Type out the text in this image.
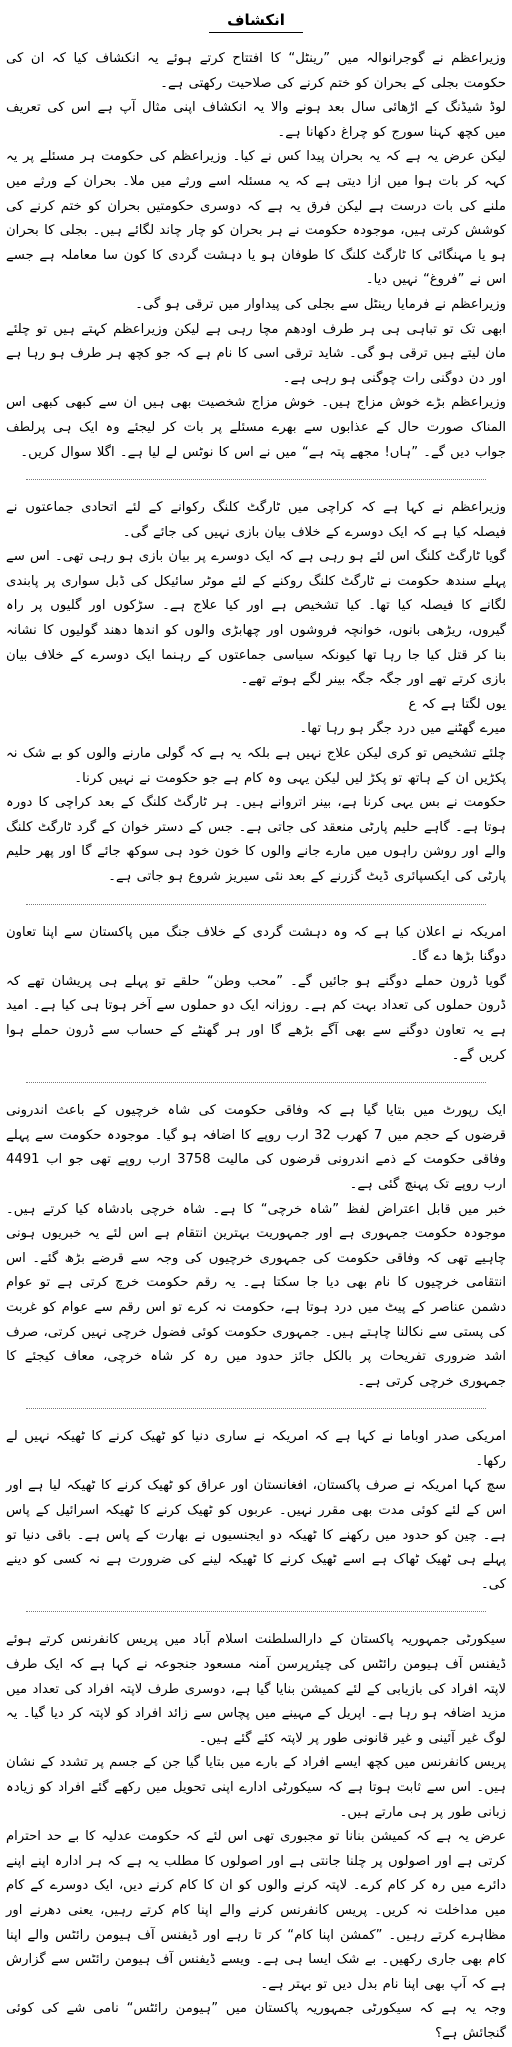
انکشاف

وزیراعظم نے گوجرانوالہ میں ”رینٹل“ کا افتتاح کرتے ہوئے یہ انکشاف کیا کہ ان کی حکومت بجلی کے بحران کو ختم کرنے کی صلاحیت رکھتی ہے۔

لوڈ شیڈنگ کے اڑھائی سال بعد ہونے والا یہ انکشاف اپنی مثال آپ ہے اس کی تعریف میں کچھ کہنا سورج کو چراغ دکھانا ہے۔

لیکن عرض یہ ہے کہ یہ بحران پیدا کس نے کیا۔ وزیراعظم کی حکومت ہر مسئلے پر یہ کہہ کر بات ہوا میں ازا دیتی ہے کہ یہ مسئلہ اسے ورثے میں ملا۔ بحران کے ورثے میں ملنے کی بات درست ہے لیکن فرق یہ ہے کہ دوسری حکومتیں بحران کو ختم کرنے کی کوشش کرتی ہیں، موجودہ حکومت نے ہر بحران کو چار چاند لگائے ہیں۔ بجلی کا بحران ہو یا مہنگائی کا ٹارگٹ کلنگ کا طوفان ہو یا دہشت گردی کا کون سا معاملہ ہے جسے اس نے ”فروغ“ نہیں دیا۔

وزیراعظم نے فرمایا رینٹل سے بجلی کی پیداوار میں ترقی ہو گی۔

ابھی تک تو تباہی ہی ہر طرف اودھم مچا رہی ہے لیکن وزیراعظم کہتے ہیں تو چلئے مان لیتے ہیں ترقی ہو گی۔ شاید ترقی اسی کا نام ہے کہ جو کچھ ہر طرف ہو رہا ہے اور دن دوگنی رات چوگنی ہو رہی ہے۔

وزیراعظم بڑے خوش مزاج ہیں۔ خوش مزاج شخصیت بھی ہیں ان سے کبھی کبھی اس المناک صورت حال کے عذابوں سے بھرے مسئلے پر بات کر لیجئے وہ ایک ہی پرلطف جواب دیں گے۔ ”ہاں! مجھے پتہ ہے“ میں نے اس کا نوٹس لے لیا ہے۔ اگلا سوال کریں۔

وزیراعظم نے کہا ہے کہ کراچی میں ٹارگٹ کلنگ رکوانے کے لئے اتحادی جماعتوں نے فیصلہ کیا ہے کہ ایک دوسرے کے خلاف بیان بازی نہیں کی جائے گی۔

گویا ٹارگٹ کلنگ اس لئے ہو رہی ہے کہ ایک دوسرے پر بیان بازی ہو رہی تھی۔ اس سے پہلے سندھ حکومت نے ٹارگٹ کلنگ روکنے کے لئے موٹر سائیکل کی ڈبل سواری پر پابندی لگانے کا فیصلہ کیا تھا۔ کیا تشخیص ہے اور کیا علاج ہے۔ سڑکوں اور گلیوں پر راہ گیروں، ریڑھی بانوں، خوانچہ فروشوں اور چھابڑی والوں کو اندھا دھند گولیوں کا نشانہ بنا کر قتل کیا جا رہا تھا کیونکہ سیاسی جماعتوں کے رہنما ایک دوسرے کے خلاف بیان بازی کرتے تھے اور جگہ جگہ بینر لگے ہوتے تھے۔

یوں لگتا ہے کہ ع

میرے گھٹنے میں درد جگر ہو رہا تھا۔

چلئے تشخیص تو کری لیکن علاج نہیں ہے بلکہ یہ ہے کہ گولی مارنے والوں کو بے شک نہ پکڑیں ان کے ہاتھ تو پکڑ لیں لیکن یہی وہ کام ہے جو حکومت نے نہیں کرنا۔

حکومت نے بس یہی کرنا ہے، بینر اتروانے ہیں۔ ہر ٹارگٹ کلنگ کے بعد کراچی کا دورہ ہوتا ہے۔ گاہے حلیم پارٹی منعقد کی جاتی ہے۔ جس کے دستر خوان کے گرد ٹارگٹ کلنگ والے اور روشن راہوں میں مارے جانے والوں کا خون خود ہی سوکھ جائے گا اور پھر حلیم پارٹی کی ایکسپائری ڈیٹ گزرنے کے بعد نئی سیریز شروع ہو جاتی ہے۔

امریکہ نے اعلان کیا ہے کہ وہ دہشت گردی کے خلاف جنگ میں پاکستان سے اپنا تعاون دوگنا بڑھا دے گا۔

گویا ڈرون حملے دوگنے ہو جائیں گے۔ ”محب وطن“ حلقے تو پہلے ہی پریشان تھے کہ ڈرون حملوں کی تعداد بہت کم ہے۔ روزانہ ایک دو حملوں سے آخر ہوتا ہی کیا ہے۔ امید ہے یہ تعاون دوگنے سے بھی آگے بڑھے گا اور ہر گھنٹے کے حساب سے ڈرون حملے ہوا کریں گے۔

ایک رپورٹ میں بتایا گیا ہے کہ وفاقی حکومت کی شاہ خرچیوں کے باعث اندرونی قرضوں کے حجم میں 7 کھرب 32 ارب روپے کا اضافہ ہو گیا۔ موجودہ حکومت سے پہلے وفاقی حکومت کے ذمے اندرونی قرضوں کی مالیت 3758 ارب روپے تھی جو اب 4491 ارب روپے تک پہنچ گئی ہے۔

خبر میں قابل اعتراض لفظ ”شاہ خرچی“ کا ہے۔ شاہ خرچی بادشاہ کیا کرتے ہیں۔ موجودہ حکومت جمہوری ہے اور جمہوریت بہترین انتقام ہے اس لئے یہ خبریوں ہونی چاہیے تھی کہ وفاقی حکومت کی جمہوری خرچیوں کی وجہ سے قرضے بڑھ گئے۔ اس انتقامی خرچیوں کا نام بھی دیا جا سکتا ہے۔ یہ رقم حکومت خرچ کرتی ہے تو عوام دشمن عناصر کے پیٹ میں درد ہوتا ہے، حکومت نہ کرے تو اس رقم سے عوام کو غربت کی پستی سے نکالنا چاہتے ہیں۔ جمہوری حکومت کوئی فضول خرچی نہیں کرتی، صرف اشد ضروری تفریحات پر بالکل جائز حدود میں رہ کر شاہ خرچی، معاف کیجئے کا جمہوری خرچی کرتی ہے۔

امریکی صدر اوباما نے کہا ہے کہ امریکہ نے ساری دنیا کو ٹھیک کرنے کا ٹھیکہ نہیں لے رکھا۔

سچ کہا امریکہ نے صرف پاکستان، افغانستان اور عراق کو ٹھیک کرنے کا ٹھیکہ لیا ہے اور اس کے لئے کوئی مدت بھی مقرر نہیں۔ عربوں کو ٹھیک کرنے کا ٹھیکہ اسرائیل کے پاس ہے۔ چین کو حدود میں رکھنے کا ٹھیکہ دو ایجنسیوں نے بھارت کے پاس ہے۔ باقی دنیا تو پہلے ہی ٹھیک ٹھاک ہے اسے ٹھیک کرنے کا ٹھیکہ لینے کی ضرورت ہے نہ کسی کو دینے کی۔

سیکورٹی جمہوریہ پاکستان کے دارالسلطنت اسلام آباد میں پریس کانفرنس کرتے ہوئے ڈیفنس آف ہیومن رائٹس کی چیئرپرسن آمنہ مسعود جنجوعہ نے کہا ہے کہ ایک طرف لاپتہ افراد کی بازیابی کے لئے کمیشن بنایا گیا ہے، دوسری طرف لاپتہ افراد کی تعداد میں مزید اضافہ ہو رہا ہے۔ اپریل کے مہینے میں پچاس سے زائد افراد کو لاپتہ کر دیا گیا۔ یہ لوگ غیر آئینی و غیر قانونی طور پر لاپتہ کئے گئے ہیں۔

پریس کانفرنس میں کچھ ایسے افراد کے بارے میں بتایا گیا جن کے جسم پر تشدد کے نشان ہیں۔ اس سے ثابت ہوتا ہے کہ سیکورٹی ادارے اپنی تحویل میں رکھے گئے افراد کو زیادہ زبانی طور پر ہی مارتے ہیں۔

عرض یہ ہے کہ کمیشن بنانا تو مجبوری تھی اس لئے کہ حکومت عدلیہ کا بے حد احترام کرتی ہے اور اصولوں پر چلنا جانتی ہے اور اصولوں کا مطلب یہ ہے کہ ہر ادارہ اپنے اپنے دائرے میں رہ کر کام کرے۔ لاپتہ کرنے والوں کو ان کا کام کرنے دیں، ایک دوسرے کے کام میں مداخلت نہ کریں۔ پریس کانفرنس کرنے والے اپنا کام کرتے رہیں، یعنی دھرنے اور مظاہرے کرتے رہیں۔ ”کمشن اپنا کام“ کر تا رہے اور ڈیفنس آف ہیومن رائٹس والے اپنا کام بھی جاری رکھیں۔ بے شک ایسا ہی ہے۔ ویسے ڈیفنس آف ہیومن رائٹس سے گزارش ہے کہ آپ بھی اپنا نام بدل دیں تو بہتر ہے۔

وجہ یہ ہے کہ سیکورٹی جمہوریہ پاکستان میں ”ہیومن رائٹس“ نامی شے کی کوئی گنجائش ہے؟
